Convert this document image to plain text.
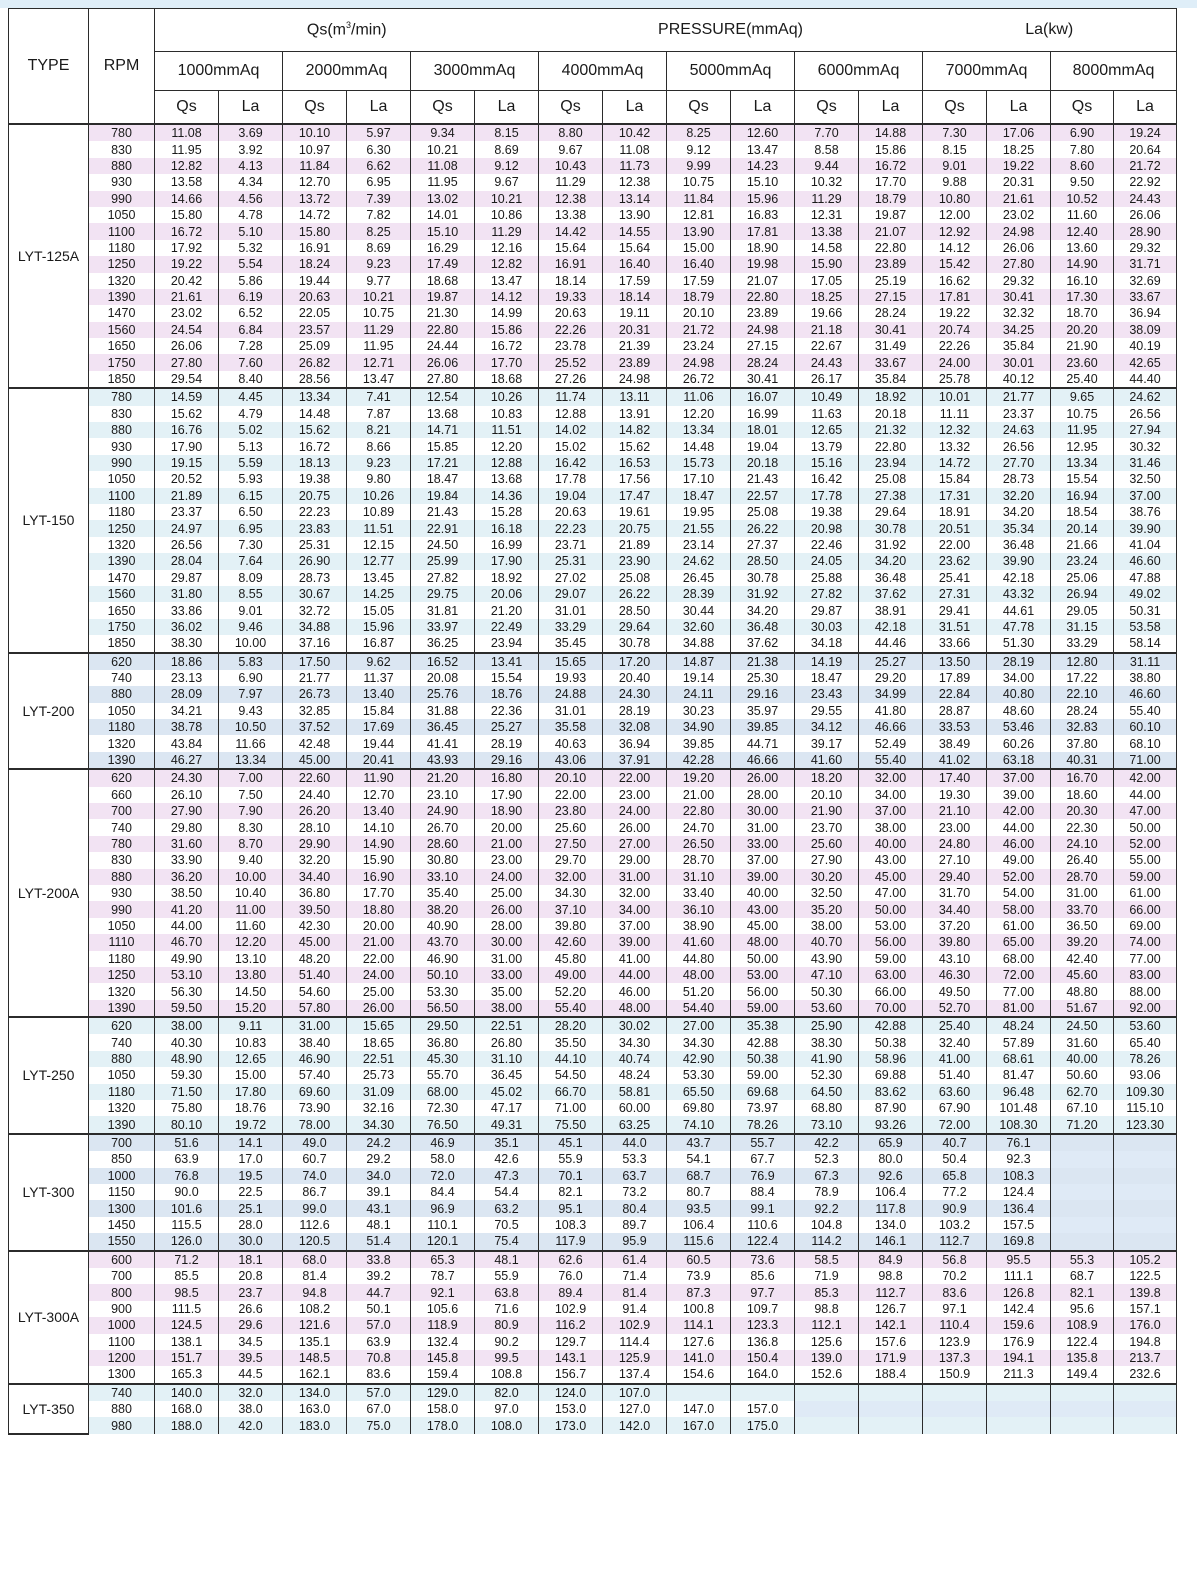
TYPE	RPM	$Qs(m^3/\min)$						PRESSURE(mmAq)						La(kw)			
		1000mmAq		2000mmAq		3000mmAq		4000mmAq		5000mmAq		6000mmAq		7000mmAq		8000mmAq	
		Qs	La	Qs	La	Qs	La	Qs	La	Qs	La	Qs	La	Qs	La	Qs	La
LYT-125A	780	11.08	3.69	10.10	5.97	9.34	8.15	8.80	10.42	8.25	12.60	7.70	14.88	7.30	17.06	6.90	19.24
	830	11.95	3.92	10.97	6.30	10.21	8.69	9.67	11.08	9.12	13.47	8.58	15.86	8.15	18.25	7.80	20.64
	880	12.82	4.13	11.84	6.62	11.08	9.12	10.43	11.73	9.99	14.23	9.44	16.72	9.01	19.22	8.60	21.72
	930	13.58	4.34	12.70	6.95	11.95	9.67	11.29	12.38	10.75	15.10	10.32	17.70	9.88	20.31	9.50	22.92
	990	14.66	4.56	13.72	7.39	13.02	10.21	12.38	13.14	11.84	15.96	11.29	18.79	10.80	21.61	10.52	24.43
	1050	15.80	4.78	14.72	7.82	14.01	10.86	13.38	13.90	12.81	16.83	12.31	19.87	12.00	23.02	11.60	26.06
	1100	16.72	5.10	15.80	8.25	15.10	11.29	14.42	14.55	13.90	17.81	13.38	21.07	12.92	24.98	12.40	28.90
	1180	17.92	5.32	16.91	8.69	16.29	12.16	15.64	15.64	15.00	18.90	14.58	22.80	14.12	26.06	13.60	29.32
	1250	19.22	5.54	18.24	9.23	17.49	12.82	16.91	16.40	16.40	19.98	15.90	23.89	15.42	27.80	14.90	31.71
	1320	20.42	5.86	19.44	9.77	18.68	13.47	18.14	17.59	17.59	21.07	17.05	25.19	16.62	29.32	16.10	32.69
	1390	21.61	6.19	20.63	10.21	19.87	14.12	19.33	18.14	18.79	22.80	18.25	27.15	17.81	30.41	17.30	33.67
	1470	23.02	6.52	22.05	10.75	21.30	14.99	20.63	19.11	20.10	23.89	19.66	28.24	19.22	32.32	18.70	36.94
	1560	24.54	6.84	23.57	11.29	22.80	15.86	22.26	20.31	21.72	24.98	21.18	30.41	20.74	34.25	20.20	38.09
	1650	26.06	7.28	25.09	11.95	24.44	16.72	23.78	21.39	23.24	27.15	22.67	31.49	22.26	35.84	21.90	40.19
	1750	27.80	7.60	26.82	12.71	26.06	17.70	25.52	23.89	24.98	28.24	24.43	33.67	24.00	30.01	23.60	42.65
	1850	29.54	8.40	28.56	13.47	27.80	18.68	27.26	24.98	26.72	30.41	26.17	35.84	25.78	40.12	25.40	44.40
LYT-150	780	14.59	4.45	13.34	7.41	12.54	10.26	11.74	13.11	11.06	16.07	10.49	18.92	10.01	21.77	9.65	24.62
	830	15.62	4.79	14.48	7.87	13.68	10.83	12.88	13.91	12.20	16.99	11.63	20.18	11.11	23.37	10.75	26.56
	880	16.76	5.02	15.62	8.21	14.71	11.51	14.02	14.82	13.34	18.01	12.65	21.32	12.32	24.63	11.95	27.94
	930	17.90	5.13	16.72	8.66	15.85	12.20	15.02	15.62	14.48	19.04	13.79	22.80	13.32	26.56	12.95	30.32
	990	19.15	5.59	18.13	9.23	17.21	12.88	16.42	16.53	15.73	20.18	15.16	23.94	14.72	27.70	13.34	31.46
	1050	20.52	5.93	19.38	9.80	18.47	13.68	17.78	17.56	17.10	21.43	16.42	25.08	15.84	28.73	15.54	32.50
	1100	21.89	6.15	20.75	10.26	19.84	14.36	19.04	17.47	18.47	22.57	17.78	27.38	17.31	32.20	16.94	37.00
	1180	23.37	6.50	22.23	10.89	21.43	15.28	20.63	19.61	19.95	25.08	19.38	29.64	18.91	34.20	18.54	38.76
	1250	24.97	6.95	23.83	11.51	22.91	16.18	22.23	20.75	21.55	26.22	20.98	30.78	20.51	35.34	20.14	39.90
	1320	26.56	7.30	25.31	12.15	24.50	16.99	23.71	21.89	23.14	27.37	22.46	31.92	22.00	36.48	21.66	41.04
	1390	28.04	7.64	26.90	12.77	25.99	17.90	25.31	23.90	24.62	28.50	24.05	34.20	23.62	39.90	23.24	46.60
	1470	29.87	8.09	28.73	13.45	27.82	18.92	27.02	25.08	26.45	30.78	25.88	36.48	25.41	42.18	25.06	47.88
	1560	31.80	8.55	30.67	14.25	29.75	20.06	29.07	26.22	28.39	31.92	27.82	37.62	27.31	43.32	26.94	49.02
	1650	33.86	9.01	32.72	15.05	31.81	21.20	31.01	28.50	30.44	34.20	29.87	38.91	29.41	44.61	29.05	50.31
	1750	36.02	9.46	34.88	15.96	33.97	22.49	33.29	29.64	32.60	36.48	30.03	42.18	31.51	47.78	31.15	53.58
	1850	38.30	10.00	37.16	16.87	36.25	23.94	35.45	30.78	34.88	37.62	34.18	44.46	33.66	51.30	33.29	58.14
LYT-200	620	18.86	5.83	17.50	9.62	16.52	13.41	15.65	17.20	14.87	21.38	14.19	25.27	13.50	28.19	12.80	31.11
	740	23.13	6.90	21.77	11.37	20.08	15.54	19.93	20.40	19.14	25.30	18.47	29.20	17.89	34.00	17.22	38.80
	880	28.09	7.97	26.73	13.40	25.76	18.76	24.88	24.30	24.11	29.16	23.43	34.99	22.84	40.80	22.10	46.60
	1050	34.21	9.43	32.85	15.84	31.88	22.36	31.01	28.19	30.23	35.97	29.55	41.80	28.87	48.60	28.24	55.40
	1180	38.78	10.50	37.52	17.69	36.45	25.27	35.58	32.08	34.90	39.85	34.12	46.66	33.53	53.46	32.83	60.10
	1320	43.84	11.66	42.48	19.44	41.41	28.19	40.63	36.94	39.85	44.71	39.17	52.49	38.49	60.26	37.80	68.10
	1390	46.27	13.34	45.00	20.41	43.93	29.16	43.06	37.91	42.28	46.66	41.60	55.40	41.02	63.18	40.31	71.00
LYT-200A	620	24.30	7.00	22.60	11.90	21.20	16.80	20.10	22.00	19.20	26.00	18.20	32.00	17.40	37.00	16.70	42.00
	660	26.10	7.50	24.40	12.70	23.10	17.90	22.00	23.00	21.00	28.00	20.10	34.00	19.30	39.00	18.60	44.00
	700	27.90	7.90	26.20	13.40	24.90	18.90	23.80	24.00	22.80	30.00	21.90	37.00	21.10	42.00	20.30	47.00
	740	29.80	8.30	28.10	14.10	26.70	20.00	25.60	26.00	24.70	31.00	23.70	38.00	23.00	44.00	22.30	50.00
	780	31.60	8.70	29.90	14.90	28.60	21.00	27.50	27.00	26.50	33.00	25.60	40.00	24.80	46.00	24.10	52.00
	830	33.90	9.40	32.20	15.90	30.80	23.00	29.70	29.00	28.70	37.00	27.90	43.00	27.10	49.00	26.40	55.00
	880	36.20	10.00	34.40	16.90	33.10	24.00	32.00	31.00	31.10	39.00	30.20	45.00	29.40	52.00	28.70	59.00
	930	38.50	10.40	36.80	17.70	35.40	25.00	34.30	32.00	33.40	40.00	32.50	47.00	31.70	54.00	31.00	61.00
	990	41.20	11.00	39.50	18.80	38.20	26.00	37.10	34.00	36.10	43.00	35.20	50.00	34.40	58.00	33.70	66.00
	1050	44.00	11.60	42.30	20.00	40.90	28.00	39.80	37.00	38.90	45.00	38.00	53.00	37.20	61.00	36.50	69.00
	1110	46.70	12.20	45.00	21.00	43.70	30.00	42.60	39.00	41.60	48.00	40.70	56.00	39.80	65.00	39.20	74.00
	1180	49.90	13.10	48.20	22.00	46.90	31.00	45.80	41.00	44.80	50.00	43.90	59.00	43.10	68.00	42.40	77.00
	1250	53.10	13.80	51.40	24.00	50.10	33.00	49.00	44.00	48.00	53.00	47.10	63.00	46.30	72.00	45.60	83.00
	1320	56.30	14.50	54.60	25.00	53.30	35.00	52.20	46.00	51.20	56.00	50.30	66.00	49.50	77.00	48.80	88.00
	1390	59.50	15.20	57.80	26.00	56.50	38.00	55.40	48.00	54.40	59.00	53.60	70.00	52.70	81.00	51.67	92.00
LYT-250	620	38.00	9.11	31.00	15.65	29.50	22.51	28.20	30.02	27.00	35.38	25.90	42.88	25.40	48.24	24.50	53.60
	740	40.30	10.83	38.40	18.65	36.80	26.80	35.50	34.30	34.30	42.88	38.30	50.38	32.40	57.89	31.60	65.40
	880	48.90	12.65	46.90	22.51	45.30	31.10	44.10	40.74	42.90	50.38	41.90	58.96	41.00	68.61	40.00	78.26
	1050	59.30	15.00	57.40	25.73	55.70	36.45	54.50	48.24	53.30	59.00	52.30	69.88	51.40	81.47	50.60	93.06
	1180	71.50	17.80	69.60	31.09	68.00	45.02	66.70	58.81	65.50	69.68	64.50	83.62	63.60	96.48	62.70	109.30
	1320	75.80	18.76	73.90	32.16	72.30	47.17	71.00	60.00	69.80	73.97	68.80	87.90	67.90	101.48	67.10	115.10
	1390	80.10	19.72	78.00	34.30	76.50	49.31	75.50	63.25	74.10	78.26	73.10	93.26	72.00	108.30	71.20	123.30
LYT-300	700	51.6	14.1	49.0	24.2	46.9	35.1	45.1	44.0	43.7	55.7	42.2	65.9	40.7	76.1		
	850	63.9	17.0	60.7	29.2	58.0	42.6	55.9	53.3	54.1	67.7	52.3	80.0	50.4	92.3		
	1000	76.8	19.5	74.0	34.0	72.0	47.3	70.1	63.7	68.7	76.9	67.3	92.6	65.8	108.3		
	1150	90.0	22.5	86.7	39.1	84.4	54.4	82.1	73.2	80.7	88.4	78.9	106.4	77.2	124.4		
	1300	101.6	25.1	99.0	43.1	96.9	63.2	95.1	80.4	93.5	99.1	92.2	117.8	90.9	136.4		
	1450	115.5	28.0	112.6	48.1	110.1	70.5	108.3	89.7	106.4	110.6	104.8	134.0	103.2	157.5		
	1550	126.0	30.0	120.5	51.4	120.1	75.4	117.9	95.9	115.6	122.4	114.2	146.1	112.7	169.8		
LYT-300A	600	71.2	18.1	68.0	33.8	65.3	48.1	62.6	61.4	60.5	73.6	58.5	84.9	56.8	95.5	55.3	105.2
	700	85.5	20.8	81.4	39.2	78.7	55.9	76.0	71.4	73.9	85.6	71.9	98.8	70.2	111.1	68.7	122.5
	800	98.5	23.7	94.8	44.7	92.1	63.8	89.4	81.4	87.3	97.7	85.3	112.7	83.6	126.8	82.1	139.8
	900	111.5	26.6	108.2	50.1	105.6	71.6	102.9	91.4	100.8	109.7	98.8	126.7	97.1	142.4	95.6	157.1
	1000	124.5	29.6	121.6	57.0	118.9	80.9	116.2	102.9	114.1	123.3	112.1	142.1	110.4	159.6	108.9	176.0
	1100	138.1	34.5	135.1	63.9	132.4	90.2	129.7	114.4	127.6	136.8	125.6	157.6	123.9	176.9	122.4	194.8
	1200	151.7	39.5	148.5	70.8	145.8	99.5	143.1	125.9	141.0	150.4	139.0	171.9	137.3	194.1	135.8	213.7
	1300	165.3	44.5	162.1	83.6	159.4	108.8	156.7	137.4	154.6	164.0	152.6	188.4	150.9	211.3	149.4	232.6
LYT-350	740	140.0	32.0	134.0	57.0	129.0	82.0	124.0	107.0								
	880	168.0	38.0	163.0	67.0	158.0	97.0	153.0	127.0	147.0	157.0						
	980	188.0	42.0	183.0	75.0	178.0	108.0	173.0	142.0	167.0	175.0						
